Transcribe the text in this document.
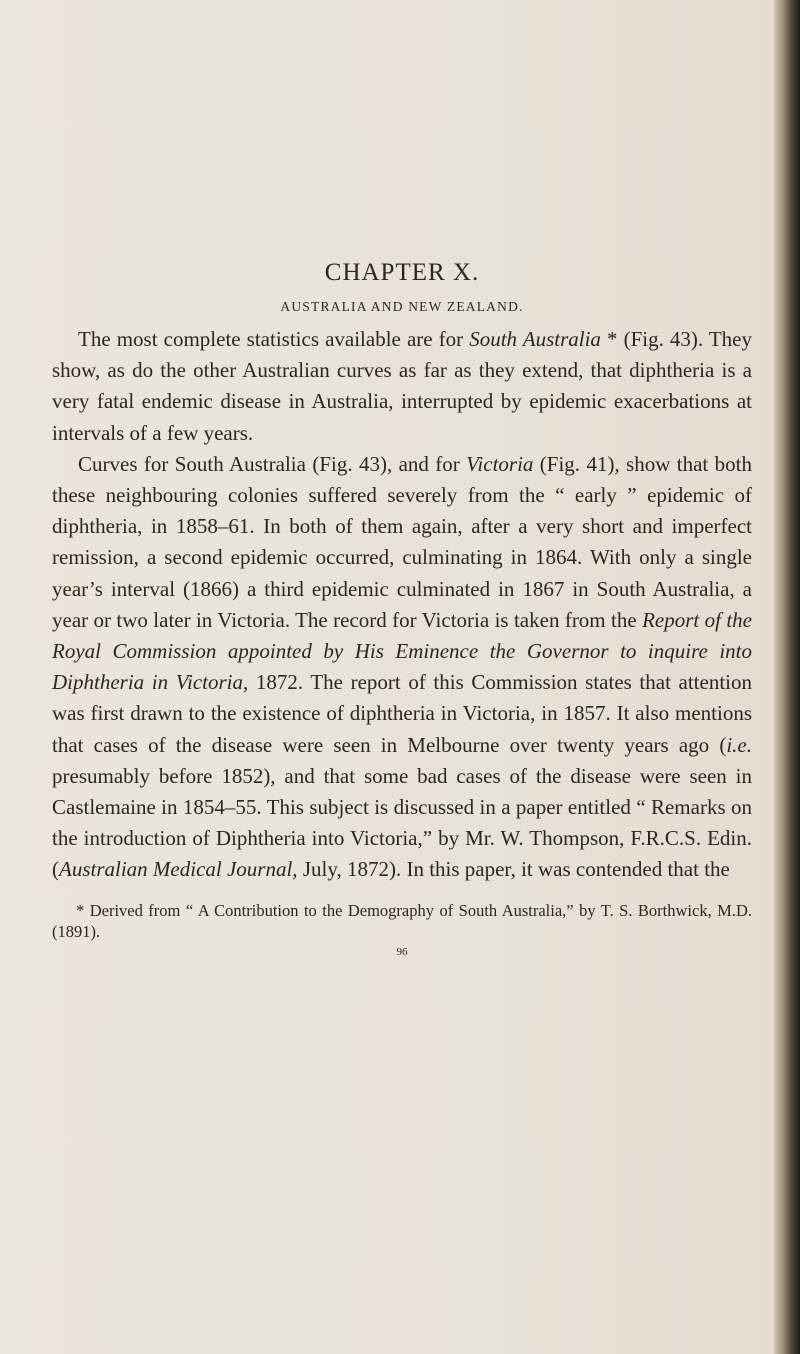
CHAPTER X.
AUSTRALIA AND NEW ZEALAND.

The most complete statistics available are for South Australia * (Fig. 43). They show, as do the other Australian curves as far as they extend, that diphtheria is a very fatal endemic disease in Australia, interrupted by epidemic exacerbations at intervals of a few years.

Curves for South Australia (Fig. 43), and for Victoria (Fig. 41), show that both these neighbouring colonies suffered severely from the “ early ” epidemic of diphtheria, in 1858–61. In both of them again, after a very short and imperfect remission, a second epidemic occurred, culminating in 1864. With only a single year’s interval (1866) a third epidemic culminated in 1867 in South Australia, a year or two later in Victoria. The record for Victoria is taken from the Report of the Royal Commission appointed by His Eminence the Governor to inquire into Diphtheria in Victoria, 1872. The report of this Commission states that attention was first drawn to the existence of diphtheria in Victoria, in 1857. It also mentions that cases of the disease were seen in Melbourne over twenty years ago (i.e. presumably before 1852), and that some bad cases of the disease were seen in Castlemaine in 1854–55. This subject is discussed in a paper entitled “ Remarks on the introduction of Diphtheria into Victoria,” by Mr. W. Thompson, F.R.C.S. Edin. (Australian Medical Journal, July, 1872). In this paper, it was contended that the

* Derived from “ A Contribution to the Demography of South Australia,” by T. S. Borthwick, M.D. (1891).
96
